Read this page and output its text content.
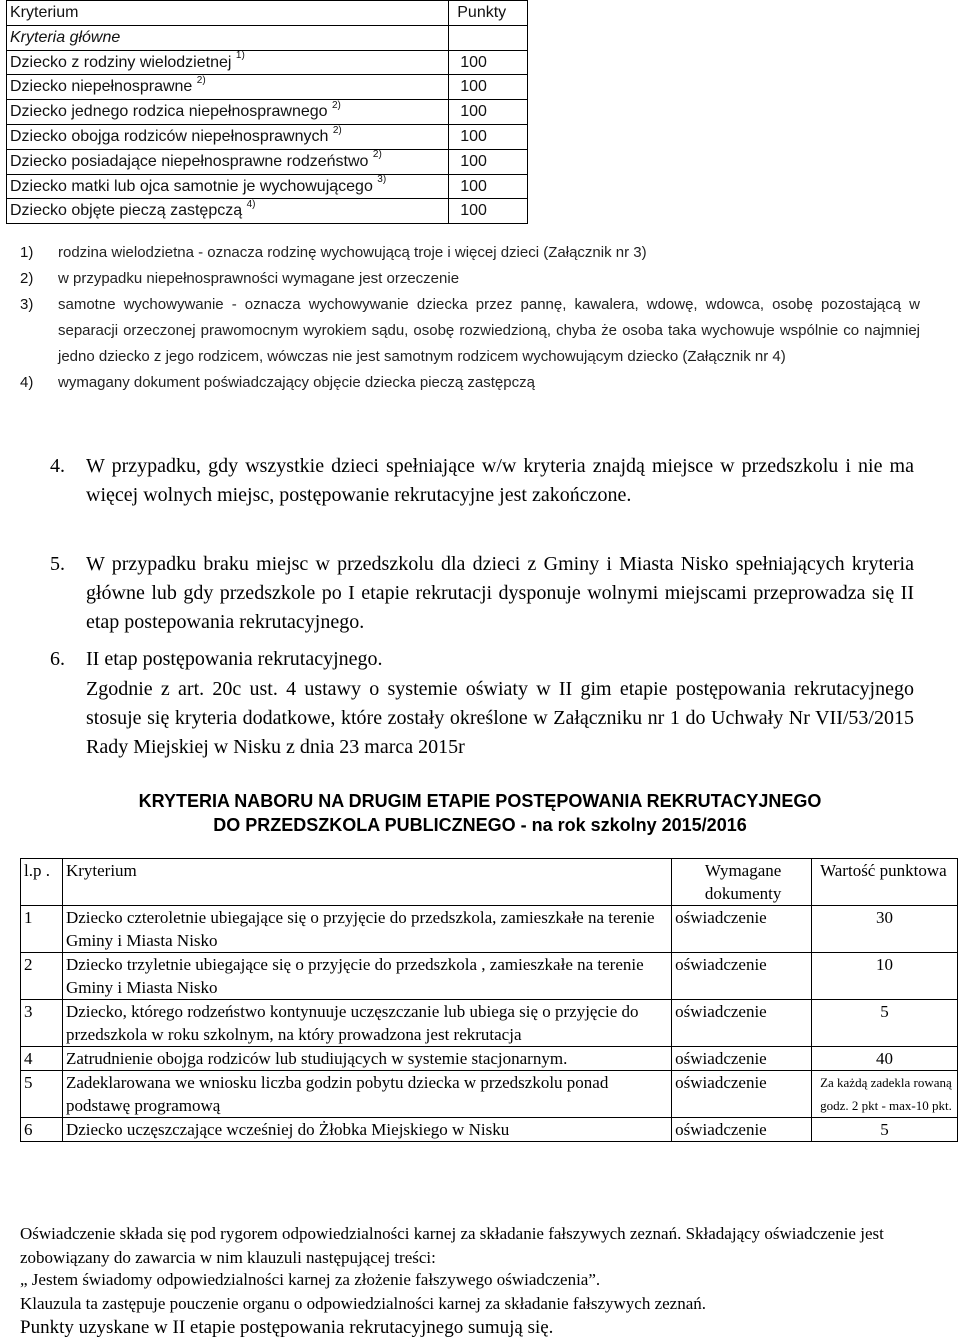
Kryterium	Punkty
Kryteria główne	
Dziecko z rodziny wielodzietnej $^{1)}$	100
Dziecko niepełnosprawne $^{2)}$	100
Dziecko jednego rodzica niepełnosprawnego $^{2)}$	100
Dziecko obojga rodziców niepełnosprawnych $^{2)}$	100
Dziecko posiadające niepełnosprawne rodzeństwo $^{2)}$	100
Dziecko matki lub ojca samotnie je wychowującego $^{3)}$	100
Dziecko objęte pieczą zastępczą $^{4)}$	100
1) rodzina wielodzietna - oznacza rodzinę wychowującą troje i więcej dzieci (Załącznik nr 3)
2) w przypadku niepełnosprawności wymagane jest orzeczenie
3) samotne wychowywanie - oznacza wychowywanie dziecka przez pannę, kawalera, wdowę, wdowca, osobę pozostającą w separacji orzeczonej prawomocnym wyrokiem sądu, osobę rozwiedzioną, chyba że osoba taka wychowuje wspólnie co najmniej jedno dziecko z jego rodzicem, wówczas nie jest samotnym rodzicem wychowującym dziecko (Załącznik nr 4)
4) wymagany dokument poświadczający objęcie dziecka pieczą zastępczą
4. W przypadku, gdy wszystkie dzieci spełniające w/w kryteria znajdą miejsce w przedszkolu i nie ma więcej wolnych miejsc, postępowanie rekrutacyjne jest zakończone.
5. W przypadku braku miejsc w przedszkolu dla dzieci z Gminy i Miasta Nisko spełniających kryteria główne lub gdy przedszkole po I etapie rekrutacji dysponuje wolnymi miejscami przeprowadza się II etap postepowania rekrutacyjnego.
6. II etap postępowania rekrutacyjnego.
Zgodnie z art. 20c ust. 4 ustawy o systemie oświaty w II gim etapie postępowania rekrutacyjnego stosuje się kryteria dodatkowe, które zostały określone w Załączniku nr 1 do Uchwały Nr VII/53/2015 Rady Miejskiej w Nisku z dnia 23 marca 2015r
KRYTERIA NABORU NA DRUGIM ETAPIE POSTĘPOWANIA REKRUTACYJNEGO
DO PRZEDSZKOLA PUBLICZNEGO - na rok szkolny 2015/2016
l.p .	Kryterium	Wymagane dokumenty	Wartość punktowa
1	Dziecko czteroletnie ubiegające się o przyjęcie do przedszkola, zamieszkałe na terenie Gminy i Miasta Nisko	oświadczenie	30
2	Dziecko trzyletnie ubiegające się o przyjęcie do przedszkola , zamieszkałe na terenie Gminy i Miasta Nisko	oświadczenie	10
3	Dziecko, którego rodzeństwo kontynuuje uczęszczanie lub ubiega się o przyjęcie do przedszkola w roku szkolnym, na który prowadzona jest rekrutacja	oświadczenie	5
4	Zatrudnienie obojga rodziców lub studiujących w systemie stacjonarnym.	oświadczenie	40
5	Zadeklarowana we wniosku liczba godzin pobytu dziecka w przedszkolu ponad podstawę programową	oświadczenie	Za każdą zadekla rowaną godz. 2 pkt - max-10 pkt.
6	Dziecko uczęszczające wcześniej do Żłobka Miejskiego w Nisku	oświadczenie	5
Oświadczenie składa się pod rygorem odpowiedzialności karnej za składanie fałszywych zeznań. Składający oświadczenie jest zobowiązany do zawarcia w nim klauzuli następującej treści:
„ Jestem świadomy odpowiedzialności karnej za złożenie fałszywego oświadczenia”.
Klauzula ta zastępuje pouczenie organu o odpowiedzialności karnej za składanie fałszywych zeznań.
Punkty uzyskane w II etapie postępowania rekrutacyjnego sumują się.
